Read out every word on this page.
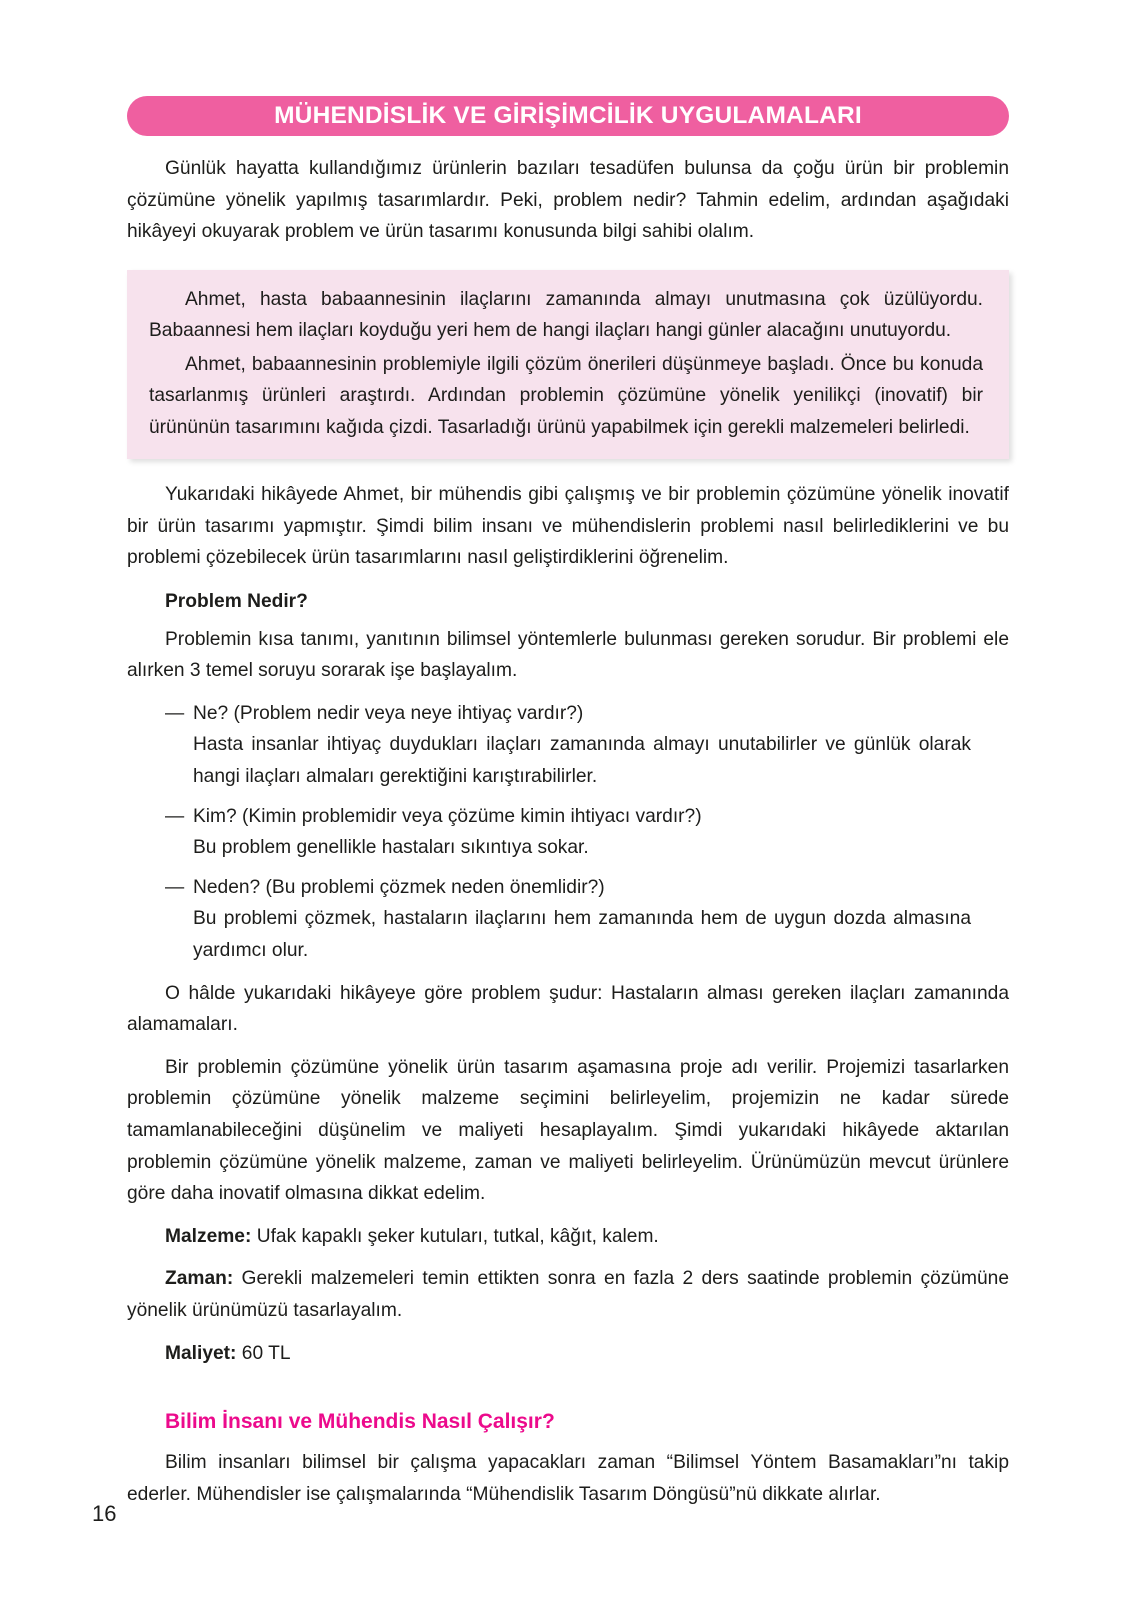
MÜHENDİSLİK VE GİRİŞİMCİLİK UYGULAMALARI

Günlük hayatta kullandığımız ürünlerin bazıları tesadüfen bulunsa da çoğu ürün bir problemin çözümüne yönelik yapılmış tasarımlardır. Peki, problem nedir? Tahmin edelim, ardından aşağıdaki hikâyeyi okuyarak problem ve ürün tasarımı konusunda bilgi sahibi olalım.

Ahmet, hasta babaannesinin ilaçlarını zamanında almayı unutmasına çok üzülüyordu. Babaannesi hem ilaçları koyduğu yeri hem de hangi ilaçları hangi günler alacağını unutuyordu.

Ahmet, babaannesinin problemiyle ilgili çözüm önerileri düşünmeye başladı. Önce bu konuda tasarlanmış ürünleri araştırdı. Ardından problemin çözümüne yönelik yenilikçi (inovatif) bir ürününün tasarımını kağıda çizdi. Tasarladığı ürünü yapabilmek için gerekli malzemeleri belirledi.

Yukarıdaki hikâyede Ahmet, bir mühendis gibi çalışmış ve bir problemin çözümüne yönelik inovatif bir ürün tasarımı yapmıştır. Şimdi bilim insanı ve mühendislerin problemi nasıl belirlediklerini ve bu problemi çözebilecek ürün tasarımlarını nasıl geliştirdiklerini öğrenelim.

Problem Nedir?

Problemin kısa tanımı, yanıtının bilimsel yöntemlerle bulunması gereken sorudur. Bir problemi ele alırken 3 temel soruyu sorarak işe başlayalım.

— Ne? (Problem nedir veya neye ihtiyaç vardır?)
Hasta insanlar ihtiyaç duydukları ilaçları zamanında almayı unutabilirler ve günlük olarak hangi ilaçları almaları gerektiğini karıştırabilirler.
— Kim? (Kimin problemidir veya çözüme kimin ihtiyacı vardır?)
Bu problem genellikle hastaları sıkıntıya sokar.
— Neden? (Bu problemi çözmek neden önemlidir?)
Bu problemi çözmek, hastaların ilaçlarını hem zamanında hem de uygun dozda almasına yardımcı olur.

O hâlde yukarıdaki hikâyeye göre problem şudur: Hastaların alması gereken ilaçları zamanında alamamaları.

Bir problemin çözümüne yönelik ürün tasarım aşamasına proje adı verilir. Projemizi tasarlarken problemin çözümüne yönelik malzeme seçimini belirleyelim, projemizin ne kadar sürede tamamlanabileceğini düşünelim ve maliyeti hesaplayalım. Şimdi yukarıdaki hikâyede aktarılan problemin çözümüne yönelik malzeme, zaman ve maliyeti belirleyelim. Ürünümüzün mevcut ürünlere göre daha inovatif olmasına dikkat edelim.

Malzeme: Ufak kapaklı şeker kutuları, tutkal, kâğıt, kalem.

Zaman: Gerekli malzemeleri temin ettikten sonra en fazla 2 ders saatinde problemin çözümüne yönelik ürünümüzü tasarlayalım.

Maliyet: 60 TL

Bilim İnsanı ve Mühendis Nasıl Çalışır?

Bilim insanları bilimsel bir çalışma yapacakları zaman “Bilimsel Yöntem Basamakları”nı takip ederler. Mühendisler ise çalışmalarında “Mühendislik Tasarım Döngüsü”nü dikkate alırlar.

16
